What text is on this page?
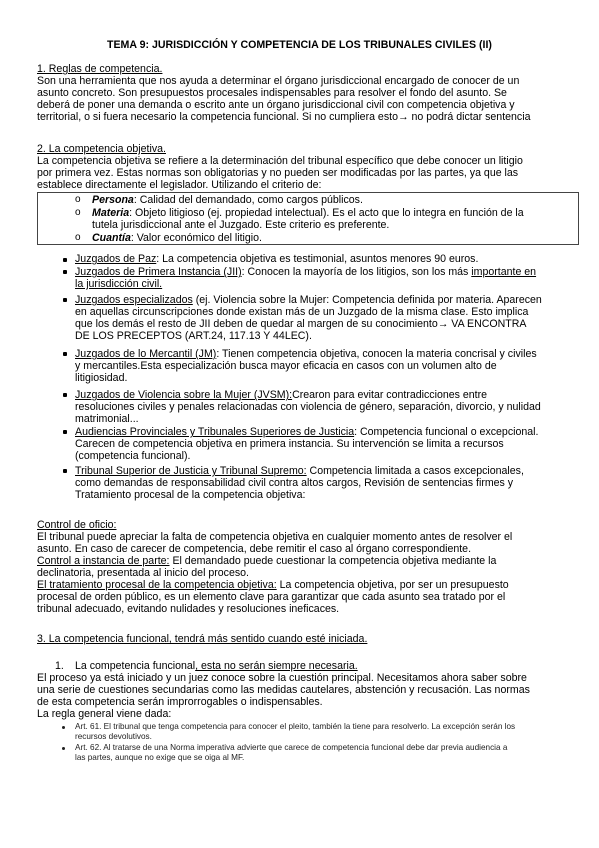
TEMA 9: JURISDICCIÓN Y COMPETENCIA DE LOS TRIBUNALES CIVILES (II)
1. Reglas de competencia.
Son una herramienta que nos ayuda a determinar el órgano jurisdiccional encargado de conocer de un
asunto concreto. Son presupuestos procesales indispensables para resolver el fondo del asunto. Se
deberá de poner una demanda o escrito ante un órgano jurisdiccional civil con competencia objetiva y
territorial, o si fuera necesario la competencia funcional. Si no cumpliera esto→ no podrá dictar sentencia
2. La competencia objetiva.
La competencia objetiva se refiere a la determinación del tribunal específico que debe conocer un litigio
por primera vez. Estas normas son obligatorias y no pueden ser modificadas por las partes, ya que las
establece directamente el legislador. Utilizando el criterio de:
o Persona: Calidad del demandado, como cargos públicos.
o Materia: Objeto litigioso (ej. propiedad intelectual). Es el acto que lo integra en función de la
tutela jurisdiccional ante el Juzgado. Este criterio es preferente.
o Cuantía: Valor económico del litigio.
Juzgados de Paz: La competencia objetiva es testimonial, asuntos menores 90 euros.
Juzgados de Primera Instancia (JII): Conocen la mayoría de los litigios, son los más importante en
la jurisdicción civil.
Juzgados especializados (ej. Violencia sobre la Mujer: Competencia definida por materia. Aparecen
en aquellas circunscripciones donde existan más de un Juzgado de la misma clase. Esto implica
que los demás el resto de JII deben de quedar al margen de su conocimiento→ VA ENCONTRA
DE LOS PRECEPTOS (ART.24, 117.13 Y 44LEC).
Juzgados de lo Mercantil (JM): Tienen competencia objetiva, conocen la materia concrisal y civiles
y mercantiles.Esta especialización busca mayor eficacia en casos con un volumen alto de
litigiosidad.
Juzgados de Violencia sobre la Mujer (JVSM):Crearon para evitar contradicciones entre
resoluciones civiles y penales relacionadas con violencia de género, separación, divorcio, y nulidad
matrimonial...
Audiencias Provinciales y Tribunales Superiores de Justicia: Competencia funcional o excepcional.
Carecen de competencia objetiva en primera instancia. Su intervención se limita a recursos
(competencia funcional).
Tribunal Superior de Justicia y Tribunal Supremo: Competencia limitada a casos excepcionales,
como demandas de responsabilidad civil contra altos cargos, Revisión de sentencias firmes y
Tratamiento procesal de la competencia objetiva:
Control de oficio:
El tribunal puede apreciar la falta de competencia objetiva en cualquier momento antes de resolver el
asunto. En caso de carecer de competencia, debe remitir el caso al órgano correspondiente.
Control a instancia de parte: El demandado puede cuestionar la competencia objetiva mediante la
declinatoria, presentada al inicio del proceso.
El tratamiento procesal de la competencia objetiva: La competencia objetiva, por ser un presupuesto
procesal de orden público, es un elemento clave para garantizar que cada asunto sea tratado por el
tribunal adecuado, evitando nulidades y resoluciones ineficaces.
3. La competencia funcional, tendrá más sentido cuando esté iniciada.
1. La competencia funcional, esta no serán siempre necesaria.
El proceso ya está iniciado y un juez conoce sobre la cuestión principal. Necesitamos ahora saber sobre
una serie de cuestiones secundarias como las medidas cautelares, abstención y recusación. Las normas
de esta competencia serán improrrogables o indispensables.
La regla general viene dada:
Art. 61. El tribunal que tenga competencia para conocer el pleito, también la tiene para resolverlo. La excepción serán los
recursos devolutivos.
Art. 62. Al tratarse de una Norma imperativa advierte que carece de competencia funcional debe dar previa audiencia a
las partes, aunque no exige que se oiga al MF.
